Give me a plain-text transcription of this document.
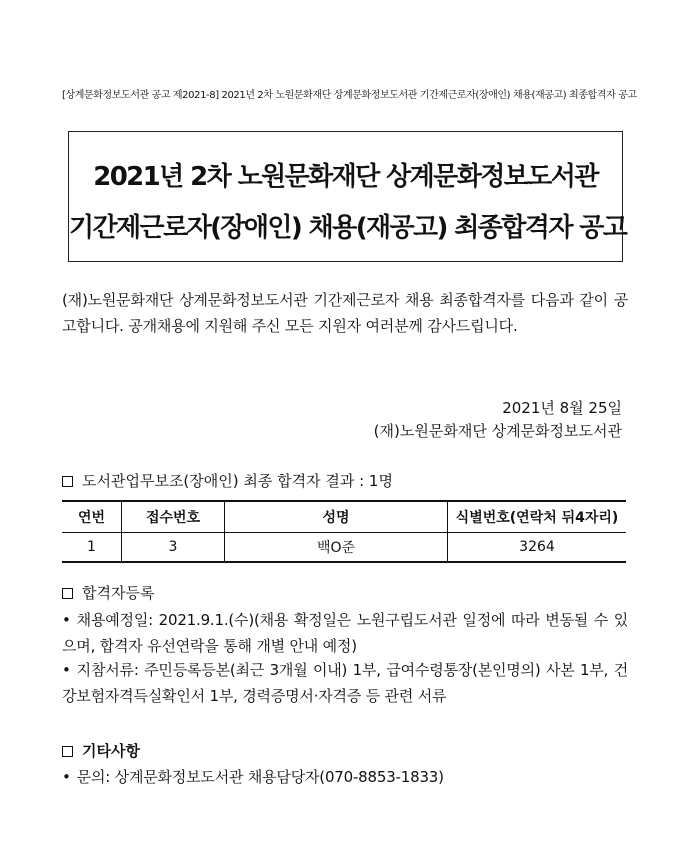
[상계문화정보도서관 공고 제2021-8] 2021년 2차 노원문화재단 상계문화정보도서관 기간제근로자(장애인) 채용(재공고) 최종합격자 공고
2021년 2차 노원문화재단 상계문화정보도서관
기간제근로자(장애인) 채용(재공고) 최종합격자 공고
(재)노원문화재단 상계문화정보도서관 기간제근로자 채용 최종합격자를 다음과 같이 공고합니다. 공개채용에 지원해 주신 모든 지원자 여러분께 감사드립니다.
2021년 8월 25일
(재)노원문화재단 상계문화정보도서관
도서관업무보조(장애인) 최종 합격자 결과 : 1명
연번	접수번호	성명	식별번호(연락처 뒤4자리)
1	3	백O준	3264
합격자등록
• 채용예정일: 2021.9.1.(수)(채용 확정일은 노원구립도서관 일정에 따라 변동될 수 있으며, 합격자 유선연락을 통해 개별 안내 예정)
• 지참서류: 주민등록등본(최근 3개월 이내) 1부, 급여수령통장(본인명의) 사본 1부, 건강보험자격득실확인서 1부, 경력증명서·자격증 등 관련 서류
기타사항
• 문의: 상계문화정보도서관 채용담당자(070-8853-1833)
